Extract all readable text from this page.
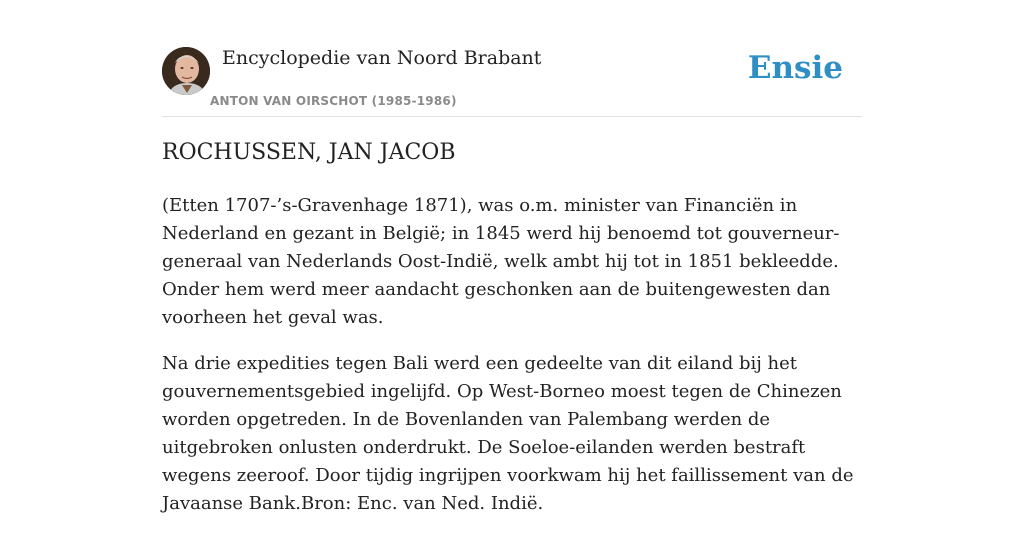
Encyclopedie van Noord Brabant
ANTON VAN OIRSCHOT (1985-1986)
Ensie
ROCHUSSEN, JAN JACOB

(Etten 1707-’s-Gravenhage 1871), was o.m. minister van Financiën in Nederland en gezant in België; in 1845 werd hij benoemd tot gouverneur-generaal van Nederlands Oost-Indië, welk ambt hij tot in 1851 bekleedde. Onder hem werd meer aandacht geschonken aan de buitengewesten dan voorheen het geval was.

Na drie expedities tegen Bali werd een gedeelte van dit eiland bij het gouvernementsgebied ingelijfd. Op West-Borneo moest tegen de Chinezen worden opgetreden. In de Bovenlanden van Palembang werden de uitgebroken onlusten onderdrukt. De Soeloe-eilanden werden bestraft wegens zeeroof. Door tijdig ingrijpen voorkwam hij het faillissement van de Javaanse Bank.Bron: Enc. van Ned. Indië.
